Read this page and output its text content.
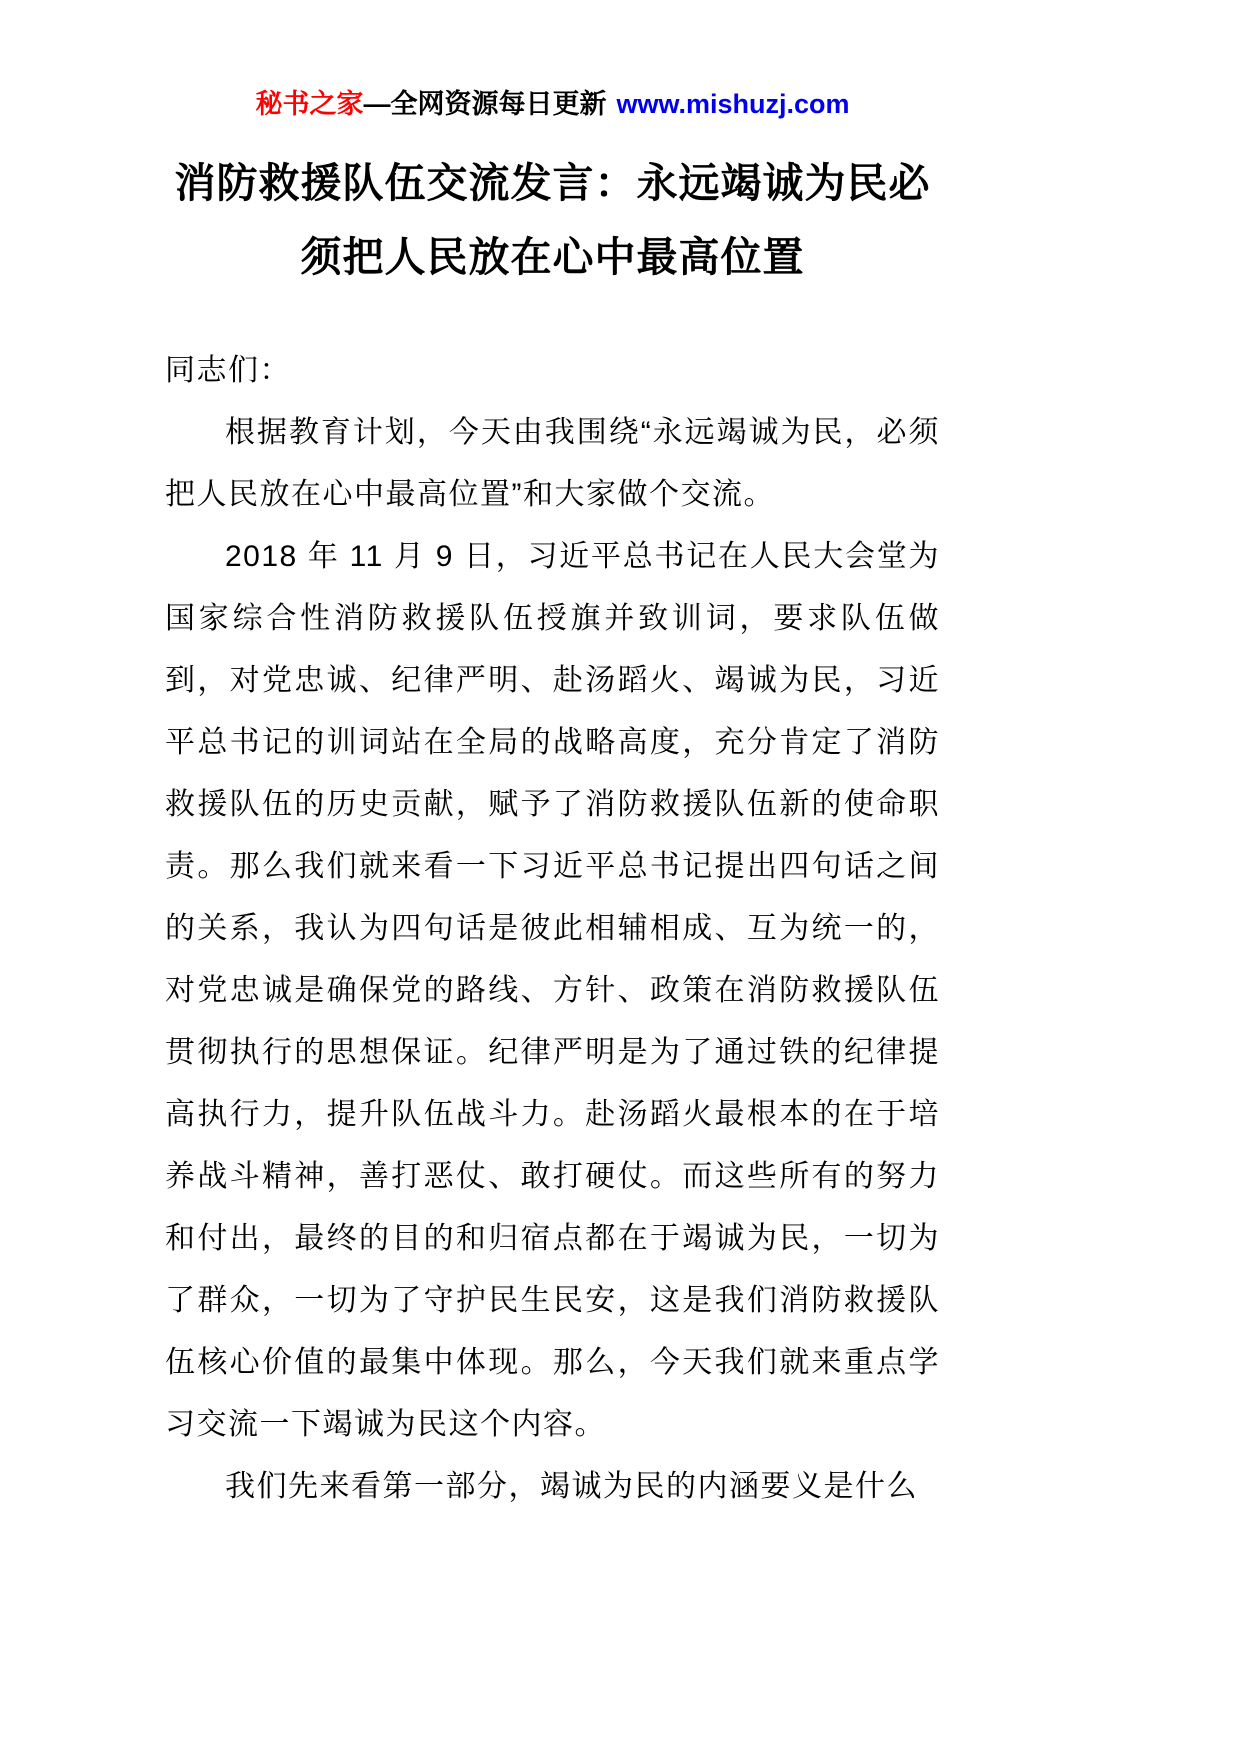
秘书之家—全网资源每日更新 www.mishuzj.com
消防救援队伍交流发言：永远竭诚为民必
须把人民放在心中最高位置

同志们：

根据教育计划，今天由我围绕“永远竭诚为民，必须把人民放在心中最高位置”和大家做个交流。

2018 年 11 月 9 日，习近平总书记在人民大会堂为国家综合性消防救援队伍授旗并致训词，要求队伍做到，对党忠诚、纪律严明、赴汤蹈火、竭诚为民，习近平总书记的训词站在全局的战略高度，充分肯定了消防救援队伍的历史贡献，赋予了消防救援队伍新的使命职责。那么我们就来看一下习近平总书记提出四句话之间的关系，我认为四句话是彼此相辅相成、互为统一的，对党忠诚是确保党的路线、方针、政策在消防救援队伍贯彻执行的思想保证。纪律严明是为了通过铁的纪律提高执行力，提升队伍战斗力。赴汤蹈火最根本的在于培养战斗精神，善打恶仗、敢打硬仗。而这些所有的努力和付出，最终的目的和归宿点都在于竭诚为民，一切为了群众，一切为了守护民生民安，这是我们消防救援队伍核心价值的最集中体现。那么，今天我们就来重点学习交流一下竭诚为民这个内容。

我们先来看第一部分，竭诚为民的内涵要义是什么
